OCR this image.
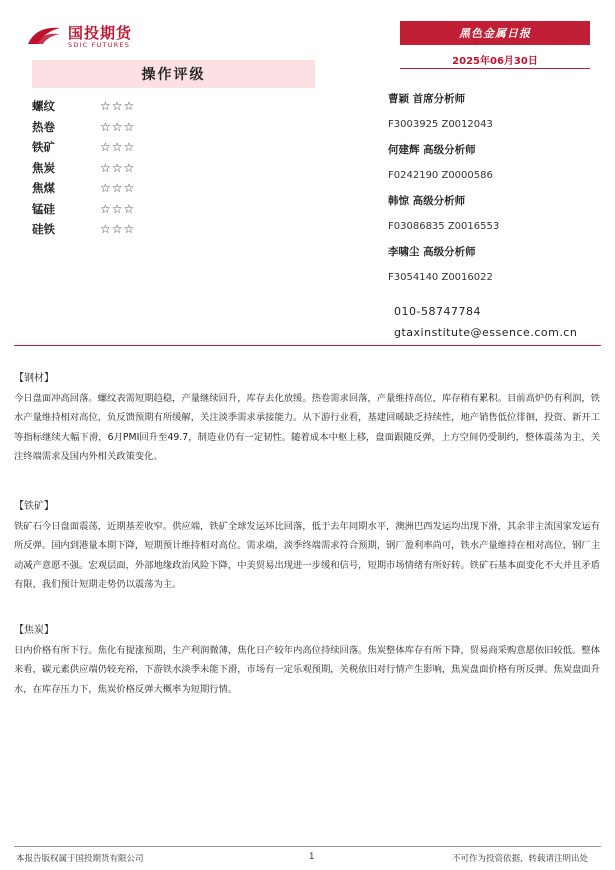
国投期货
SDIC FUTURES
黑色金属日报
2025年06月30日
操作评级
螺纹	☆☆☆
热卷	☆☆☆
铁矿	☆☆☆
焦炭	☆☆☆
焦煤	☆☆☆
锰硅	☆☆☆
硅铁	☆☆☆
曹颖 首席分析师
F3003925 Z0012043
何建辉 高级分析师
F0242190 Z0000586
韩惊 高级分析师
F03086835 Z0016553
李啸尘 高级分析师
F3054140 Z0016022
010-58747784
gtaxinstitute@essence.com.cn
【钢材】

今日盘面冲高回落。螺纹表需短期趋稳，产量继续回升，库存去化放缓。热卷需求回落，产量维持高位，库存稍有累积。目前高炉仍有利润，铁水产量维持相对高位，负反馈预期有所缓解，关注淡季需求承接能力。从下游行业看，基建回暖缺乏持续性，地产销售低位徘徊，投资、新开工等指标继续大幅下滑，6月PMI回升至49.7，制造业仍有一定韧性。随着成本中枢上移，盘面跟随反弹，上方空间仍受制约，整体震荡为主，关注终端需求及国内外相关政策变化。

【铁矿】

铁矿石今日盘面震荡，近期基差收窄。供应端，铁矿全球发运环比回落，低于去年同期水平，澳洲巴西发运均出现下滑，其余非主流国家发运有所反弹。国内到港量本期下降，短期预计维持相对高位。需求端，淡季终端需求符合预期，钢厂盈利率尚可，铁水产量维持在相对高位，钢厂主动减产意愿不强。宏观层面，外部地缘政治风险下降，中美贸易出现进一步缓和信号，短期市场情绪有所好转。铁矿石基本面变化不大并且矛盾有限，我们预计短期走势仍以震荡为主。

【焦炭】

日内价格有所下行。焦化有提涨预期，生产利润微薄，焦化日产较年内高位持续回落。焦炭整体库存有所下降，贸易商采购意愿依旧较低。整体来看，碳元素供应端仍较充裕，下游铁水淡季未能下滑，市场有一定乐观预期，关税依旧对行情产生影响，焦炭盘面价格有所反弹。焦炭盘面升水，在库存压力下，焦炭价格反弹大概率为短期行情。

本报告版权属于国投期货有限公司	1	不可作为投资依据，转载请注明出处
